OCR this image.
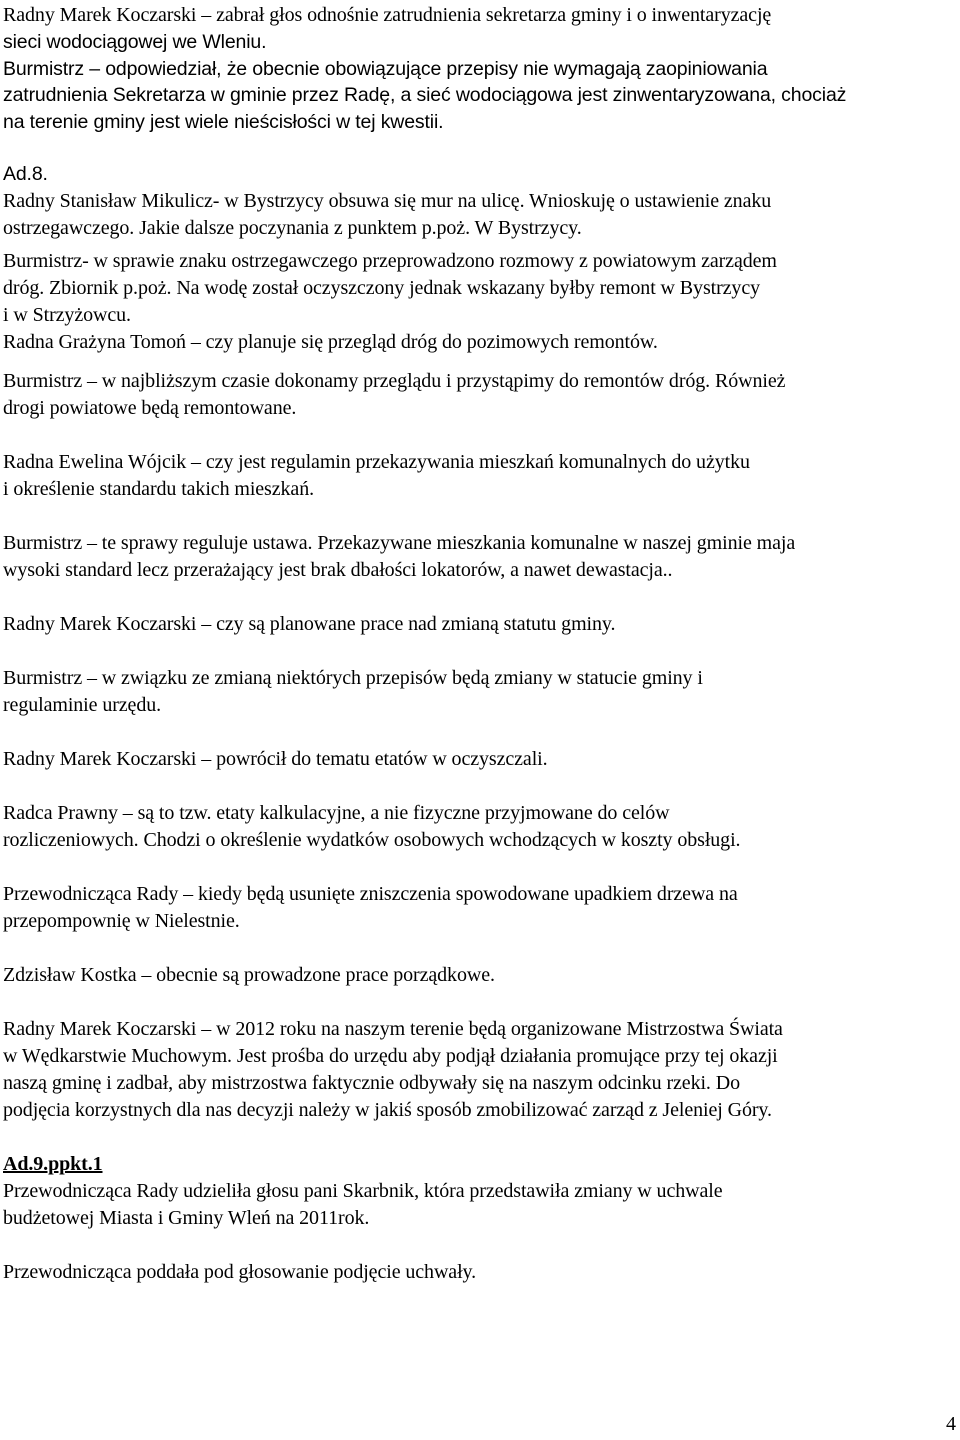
Radny Marek Koczarski – zabrał głos odnośnie zatrudnienia sekretarza gminy i o inwentaryzację

sieci wodociągowej we Wleniu.

Burmistrz – odpowiedział, że obecnie obowiązujące przepisy nie wymagają zaopiniowania

zatrudnienia Sekretarza w gminie przez Radę, a sieć wodociągowa jest zinwentaryzowana, chociaż

na terenie gminy jest wiele nieścisłości w tej kwestii.

Ad.8.

Radny Stanisław Mikulicz- w Bystrzycy obsuwa się mur na ulicę. Wnioskuję o ustawienie znaku

ostrzegawczego. Jakie dalsze poczynania z punktem p.poż. W Bystrzycy.

Burmistrz- w sprawie znaku ostrzegawczego przeprowadzono rozmowy z powiatowym zarządem

dróg. Zbiornik p.poż. Na wodę został oczyszczony jednak wskazany byłby remont w Bystrzycy

i w Strzyżowcu.

Radna Grażyna Tomoń – czy planuje się przegląd dróg do pozimowych remontów.

Burmistrz – w najbliższym czasie dokonamy przeglądu i przystąpimy do remontów dróg. Również

drogi powiatowe będą remontowane.

Radna Ewelina Wójcik – czy jest regulamin przekazywania mieszkań komunalnych do użytku

i określenie standardu takich mieszkań.

Burmistrz – te sprawy reguluje ustawa. Przekazywane mieszkania komunalne w naszej gminie maja

wysoki standard lecz przerażający jest brak dbałości lokatorów, a nawet dewastacja..

Radny Marek Koczarski – czy są planowane prace nad zmianą statutu gminy.

Burmistrz – w związku ze zmianą niektórych przepisów będą zmiany w statucie gminy i

regulaminie urzędu.

Radny Marek Koczarski – powrócił do tematu etatów w oczyszczali.

Radca Prawny – są to tzw. etaty kalkulacyjne, a nie fizyczne przyjmowane do celów

rozliczeniowych. Chodzi o określenie wydatków osobowych wchodzących w koszty obsługi.

Przewodnicząca Rady – kiedy będą usunięte zniszczenia spowodowane upadkiem drzewa na

przepompownię w Nielestnie.

Zdzisław Kostka – obecnie są prowadzone prace porządkowe.

Radny Marek Koczarski – w 2012 roku na naszym terenie będą organizowane Mistrzostwa Świata

w Wędkarstwie Muchowym. Jest prośba do urzędu aby podjął działania promujące przy tej okazji

naszą gminę i zadbał, aby mistrzostwa faktycznie odbywały się na naszym odcinku rzeki. Do

podjęcia korzystnych dla nas decyzji należy w jakiś sposób zmobilizować zarząd z Jeleniej Góry.

Ad.9.ppkt.1

Przewodnicząca Rady udzieliła głosu pani Skarbnik, która przedstawiła zmiany w uchwale

budżetowej Miasta i Gminy Wleń na 2011rok.

Przewodnicząca poddała pod głosowanie podjęcie uchwały.

4
